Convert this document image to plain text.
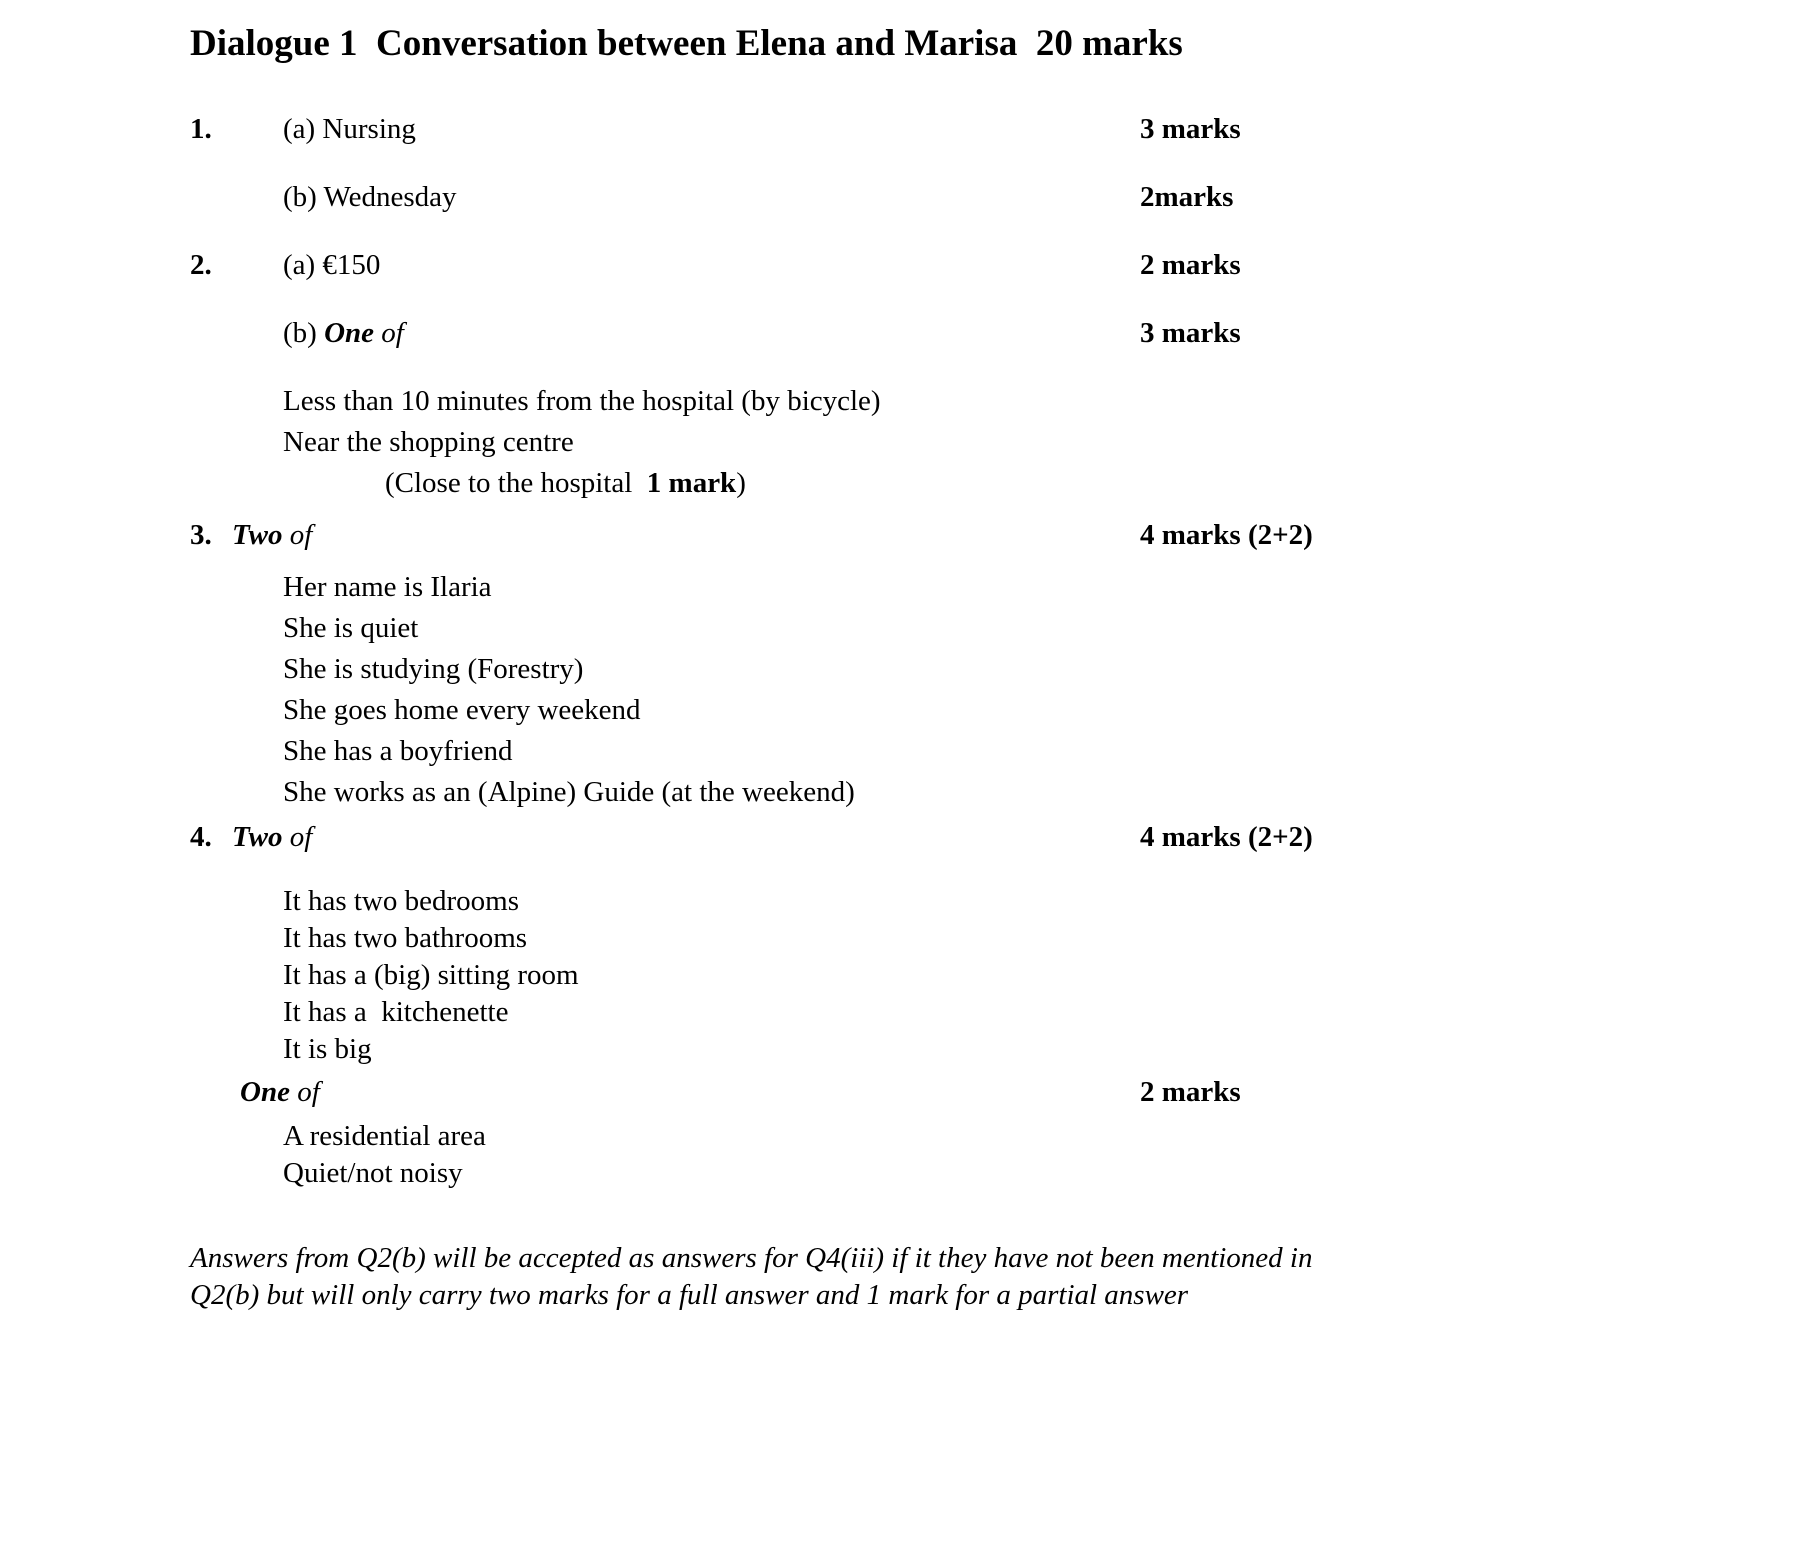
Dialogue 1  Conversation between Elena and Marisa  20 marks
1. (a) Nursing	3 marks
(b) Wednesday	2marks
2. (a) €150	2 marks
(b) One of	3 marks
Less than 10 minutes from the hospital (by bicycle)
Near the shopping centre
(Close to the hospital  1 mark)
3. Two of	4 marks (2+2)
Her name is Ilaria
She is quiet
She is studying (Forestry)
She goes home every weekend
She has a boyfriend
She works as an (Alpine) Guide (at the weekend)
4. Two of	4 marks (2+2)
It has two bedrooms
It has two bathrooms
It has a (big) sitting room
It has a  kitchenette
It is big
One of	2 marks
A residential area
Quiet/not noisy

Answers from Q2(b) will be accepted as answers for Q4(iii) if it they have not been mentioned in Q2(b) but will only carry two marks for a full answer and 1 mark for a partial answer
